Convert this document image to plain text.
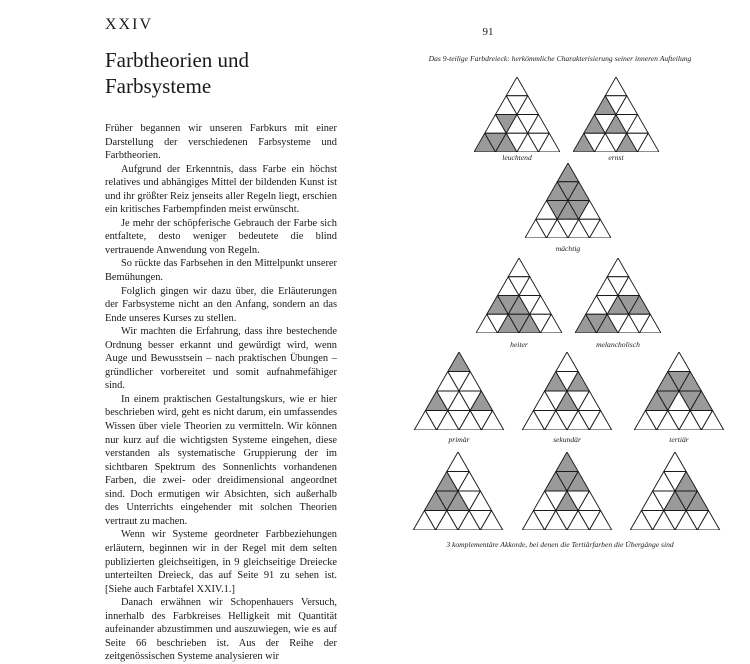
XXIV
Farbtheorien und
Farbsysteme

Früher begannen wir unseren Farbkurs mit einer Darstellung der verschiedenen Farbsysteme und Farbtheorien.

Aufgrund der Erkenntnis, dass Farbe ein höchst relatives und abhängiges Mittel der bildenden Kunst ist und ihr größter Reiz jenseits aller Regeln liegt, erschien ein kritisches Farbempfinden meist erwünscht.

Je mehr der schöpferische Gebrauch der Farbe sich entfaltete, desto weniger bedeutete die blind vertrauende Anwendung von Regeln.

So rückte das Farbsehen in den Mittelpunkt unserer Bemühungen.

Folglich gingen wir dazu über, die Erläuterungen der Farbsysteme nicht an den Anfang, sondern an das Ende unseres Kurses zu stellen.

Wir machten die Erfahrung, dass ihre bestechende Ordnung besser erkannt und gewürdigt wird, wenn Auge und Bewusstsein – nach praktischen Übungen – gründlicher vorbereitet und somit aufnahmefähiger sind.

In einem praktischen Gestaltungskurs, wie er hier beschrieben wird, geht es nicht darum, ein umfassendes Wissen über viele Theorien zu vermitteln. Wir können nur kurz auf die wichtigsten Systeme eingehen, diese verstanden als systematische Gruppierung der im sichtbaren Spektrum des Sonnenlichts vorhandenen Farben, die zwei- oder dreidimensional angeordnet sind. Doch ermutigen wir Absichten, sich außerhalb des Unterrichts eingehender mit solchen Theorien vertraut zu machen.

Wenn wir Systeme geordneter Farbbeziehungen erläutern, beginnen wir in der Regel mit dem selten publizierten gleichseitigen, in 9 gleichseitige Dreiecke unterteilten Dreieck, das auf Seite 91 zu sehen ist. [Siehe auch Farbtafel XXIV.1.]

Danach erwähnen wir Schopenhauers Versuch, innerhalb des Farbkreises Helligkeit mit Quantität aufeinander abzustimmen und auszuwiegen, wie es auf Seite 66 beschrieben ist. Aus der Reihe der zeitgenössischen Systeme analysieren wir

91
Das 9-teilige Farbdreieck: herkömmliche Charakterisierung seiner inneren Aufteilung
leuchtend	ernst
mächtig
heiter	melancholisch
primär	sekundär	tertiär
3 komplementäre Akkorde, bei denen die Tertiärfarben die Übergänge sind
